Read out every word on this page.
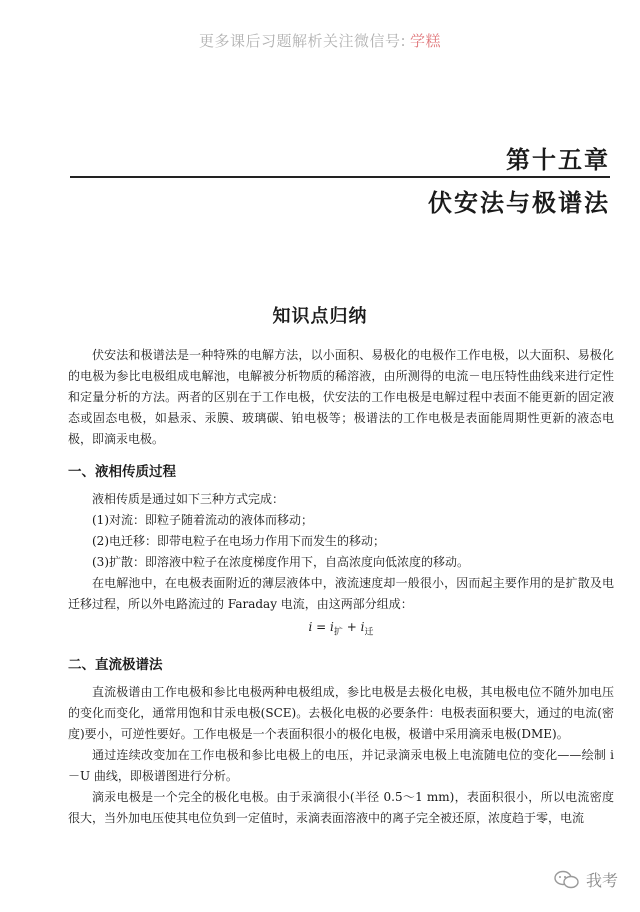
更多课后习题解析关注微信号: 学糕
第十五章
伏安法与极谱法
知识点归纳

伏安法和极谱法是一种特殊的电解方法，以小面积、易极化的电极作工作电极，以大面积、易极化的电极为参比电极组成电解池，电解被分析物质的稀溶液，由所测得的电流－电压特性曲线来进行定性和定量分析的方法。两者的区别在于工作电极，伏安法的工作电极是电解过程中表面不能更新的固定液态或固态电极，如悬汞、汞膜、玻璃碳、铂电极等；极谱法的工作电极是表面能周期性更新的液态电极，即滴汞电极。

一、液相传质过程

液相传质是通过如下三种方式完成：

(1)对流：即粒子随着流动的液体而移动；

(2)电迁移：即带电粒子在电场力作用下而发生的移动；

(3)扩散：即溶液中粒子在浓度梯度作用下，自高浓度向低浓度的移动。

在电解池中，在电极表面附近的薄层液体中，液流速度却一般很小，因而起主要作用的是扩散及电迁移过程，所以外电路流过的 Faraday 电流，由这两部分组成：

$i = i_扩 + i_迁$

二、直流极谱法

直流极谱由工作电极和参比电极两种电极组成，参比电极是去极化电极，其电极电位不随外加电压的变化而变化，通常用饱和甘汞电极(SCE)。去极化电极的必要条件：电极表面积要大，通过的电流(密度)要小，可逆性要好。工作电极是一个表面积很小的极化电极，极谱中采用滴汞电极(DME)。

通过连续改变加在工作电极和参比电极上的电压，并记录滴汞电极上电流随电位的变化——绘制 i－U 曲线，即极谱图进行分析。

滴汞电极是一个完全的极化电极。由于汞滴很小(半径 0.5～1 mm)，表面积很小，所以电流密度很大，当外加电压使其电位负到一定值时，汞滴表面溶液中的离子完全被还原，浓度趋于零，电流

我考
